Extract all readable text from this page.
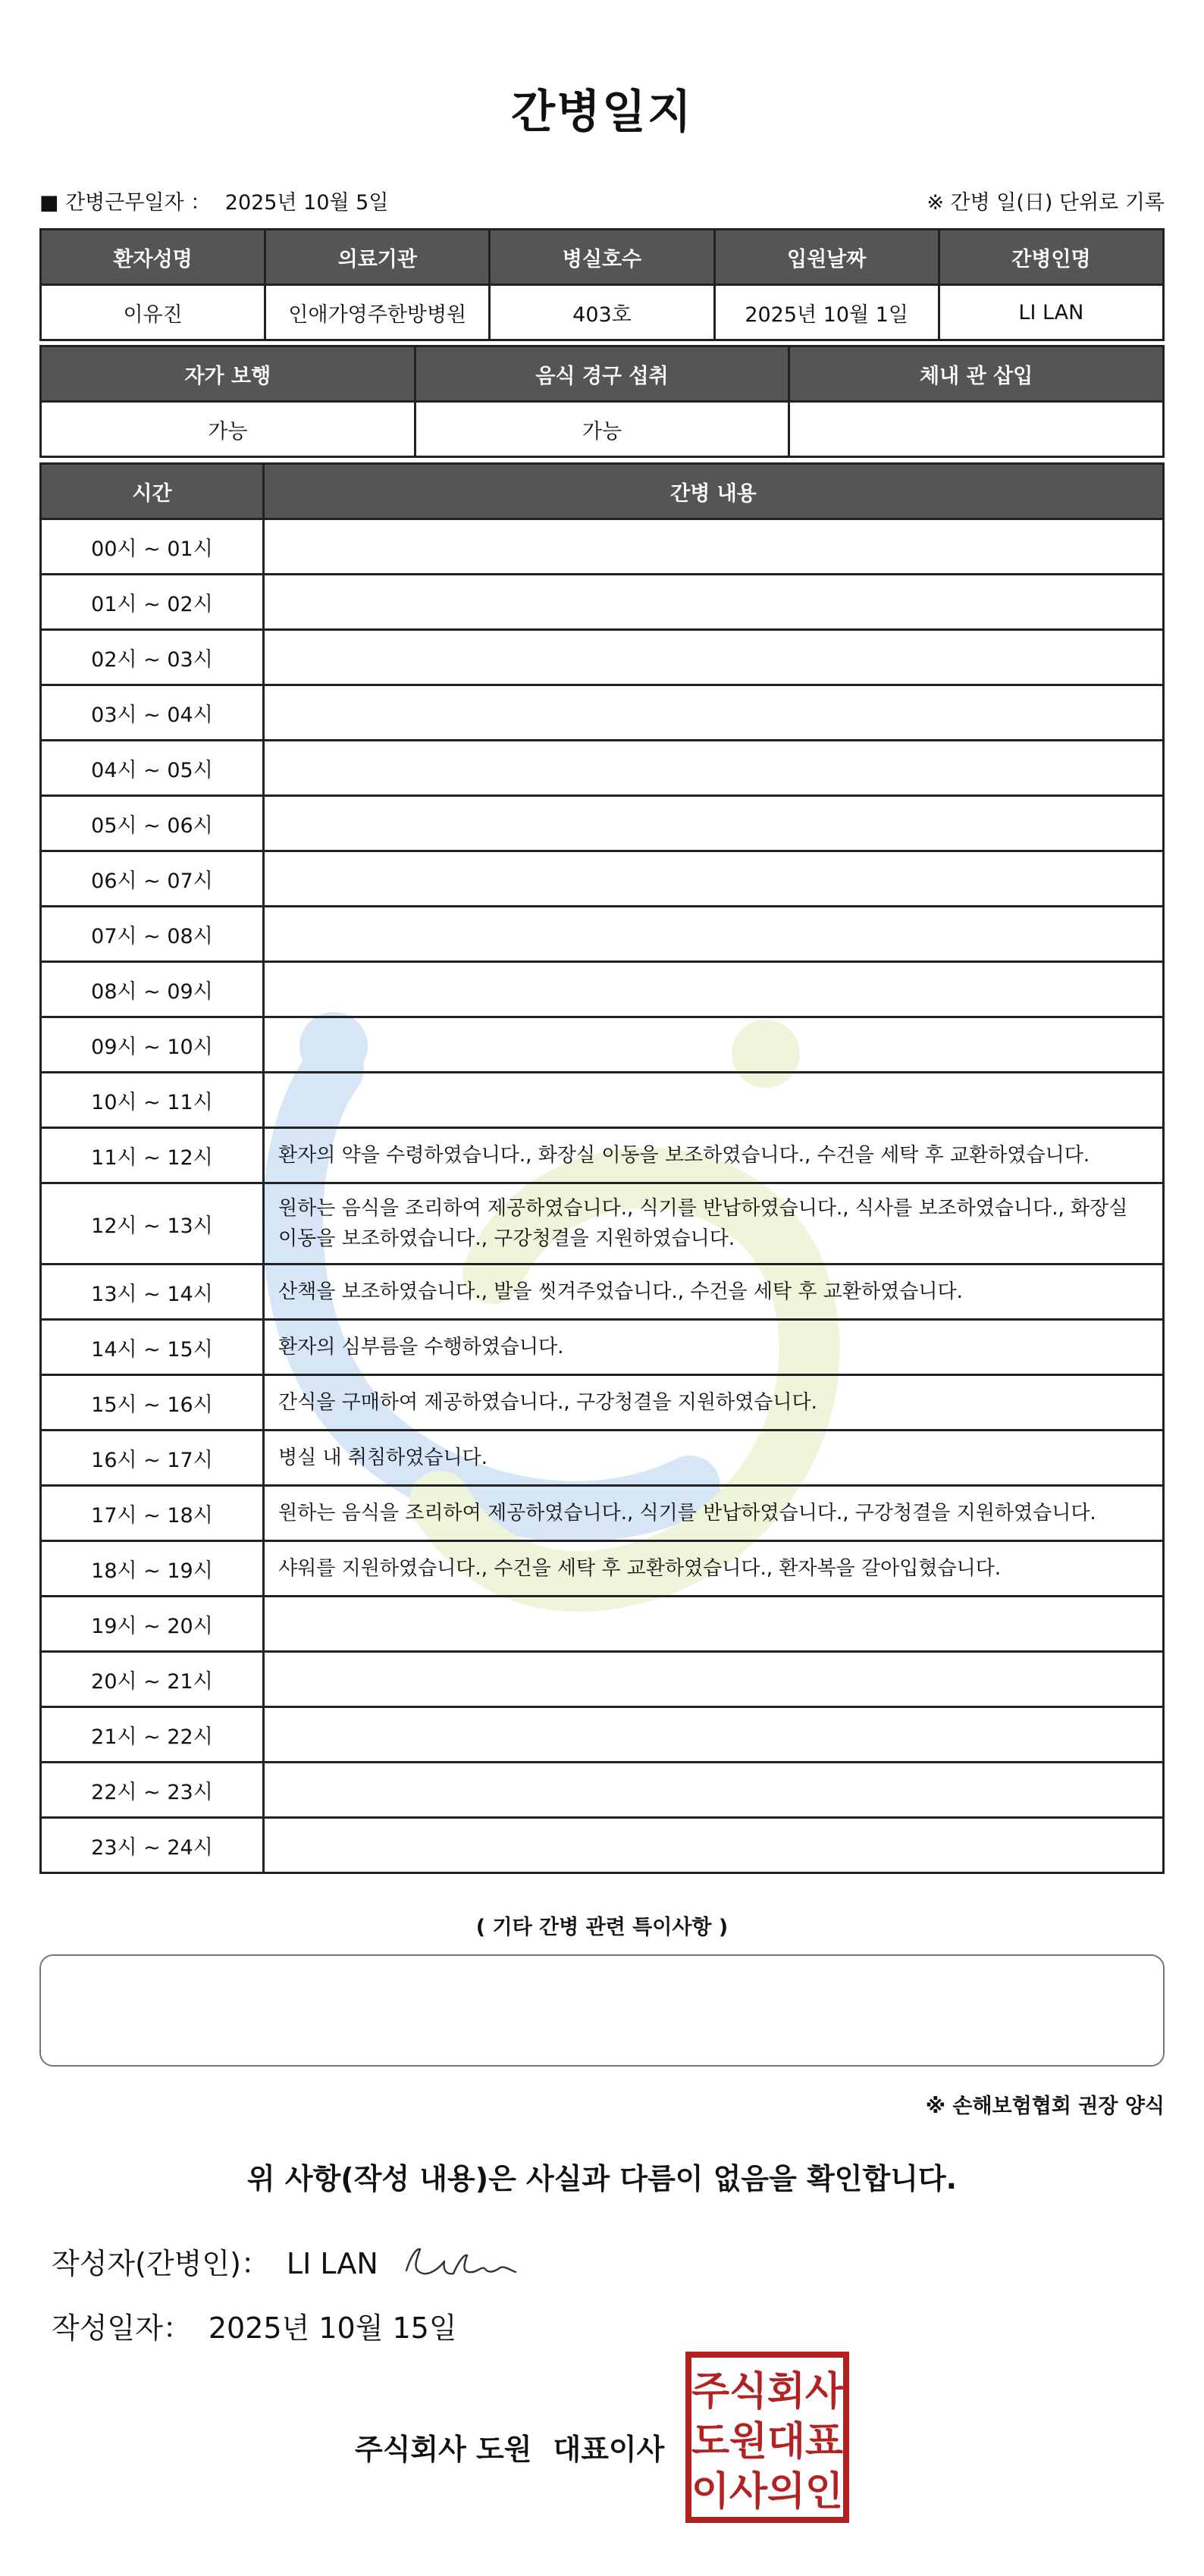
간병일지
■ 간병근무일자 ： 2025년 10월 5일	※ 간병 일(日) 단위로 기록
환자성명	의료기관	병실호수	입원날짜	간병인명
이유진	인애가영주한방병원	403호	2025년 10월 1일	LI LAN
자가 보행	음식 경구 섭취	체내 관 삽입
가능	가능	
시간	간병 내용
00시 ~ 01시	
01시 ~ 02시	
02시 ~ 03시	
03시 ~ 04시	
04시 ~ 05시	
05시 ~ 06시	
06시 ~ 07시	
07시 ~ 08시	
08시 ~ 09시	
09시 ~ 10시	
10시 ~ 11시	
11시 ~ 12시	환자의 약을 수령하였습니다., 화장실 이동을 보조하였습니다., 수건을 세탁 후 교환하였습니다.
12시 ~ 13시	원하는 음식을 조리하여 제공하였습니다., 식기를 반납하였습니다., 식사를 보조하였습니다., 화장실 이동을 보조하였습니다., 구강청결을 지원하였습니다.
13시 ~ 14시	산책을 보조하였습니다., 발을 씻겨주었습니다., 수건을 세탁 후 교환하였습니다.
14시 ~ 15시	환자의 심부름을 수행하였습니다.
15시 ~ 16시	간식을 구매하여 제공하였습니다., 구강청결을 지원하였습니다.
16시 ~ 17시	병실 내 취침하였습니다.
17시 ~ 18시	원하는 음식을 조리하여 제공하였습니다., 식기를 반납하였습니다., 구강청결을 지원하였습니다.
18시 ~ 19시	샤워를 지원하였습니다., 수건을 세탁 후 교환하였습니다., 환자복을 갈아입혔습니다.
19시 ~ 20시	
20시 ~ 21시	
21시 ~ 22시	
22시 ~ 23시	
23시 ~ 24시	
( 기타 간병 관련 특이사항 )
※ 손해보험협회 권장 양식
위 사항(작성 내용)은 사실과 다름이 없음을 확인합니다.
작성자(간병인)： LI LAN
작성일자： 2025년 10월 15일
주식회사 도원 대표이사
주 식 회 사
도 원 대 표
이 사 의 인
